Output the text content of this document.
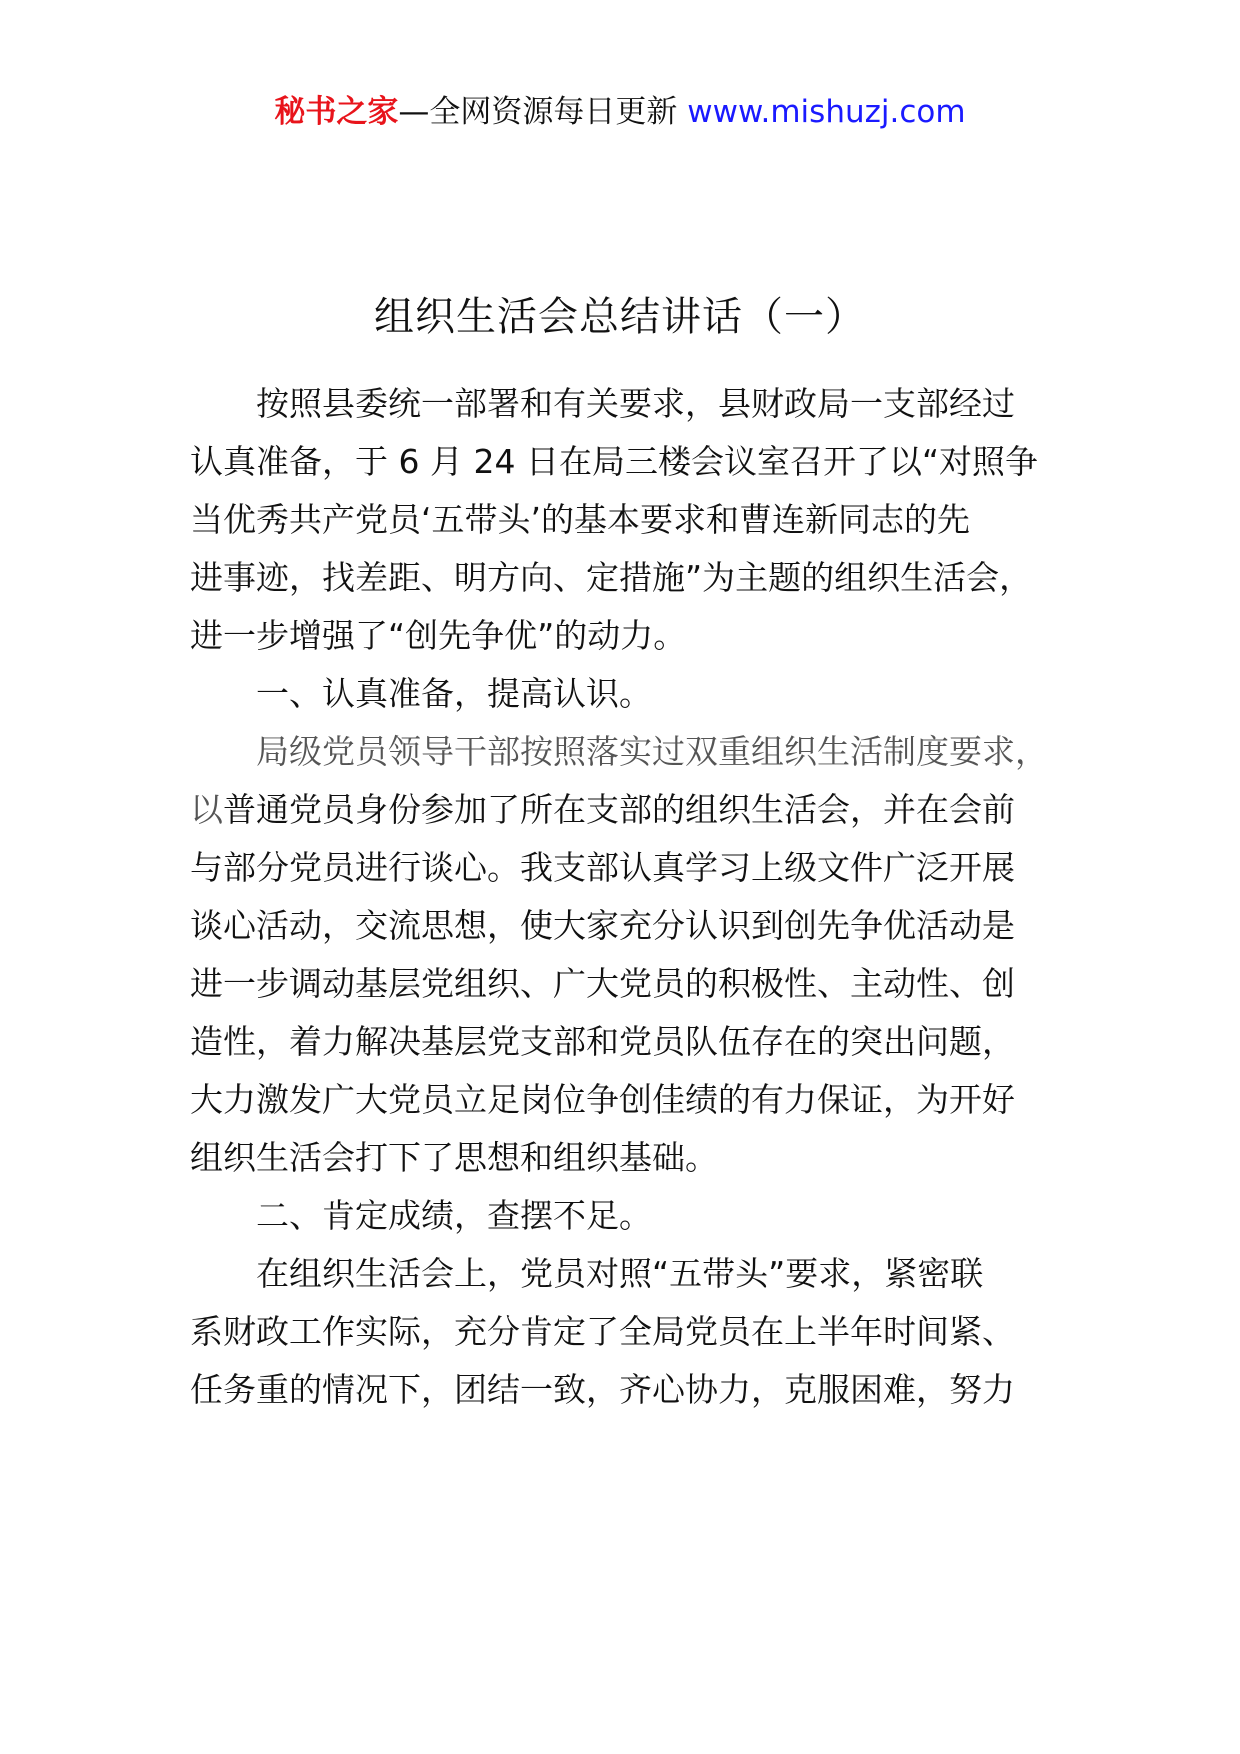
秘书之家—全网资源每日更新 www.mishuzj.com
组织生活会总结讲话（一）
按照县委统一部署和有关要求，县财政局一支部经过
认真准备，于 6 月 24 日在局三楼会议室召开了以“对照争
当优秀共产党员‘五带头’的基本要求和曹连新同志的先
进事迹，找差距、明方向、定措施”为主题的组织生活会，
进一步增强了“创先争优”的动力。
一、认真准备，提高认识。
局级党员领导干部按照落实过双重组织生活制度要求，
以普通党员身份参加了所在支部的组织生活会，并在会前
与部分党员进行谈心。我支部认真学习上级文件广泛开展
谈心活动，交流思想，使大家充分认识到创先争优活动是
进一步调动基层党组织、广大党员的积极性、主动性、创
造性，着力解决基层党支部和党员队伍存在的突出问题，
大力激发广大党员立足岗位争创佳绩的有力保证，为开好
组织生活会打下了思想和组织基础。
二、肯定成绩，查摆不足。
在组织生活会上，党员对照“五带头”要求，紧密联
系财政工作实际，充分肯定了全局党员在上半年时间紧、
任务重的情况下，团结一致，齐心协力，克服困难，努力
